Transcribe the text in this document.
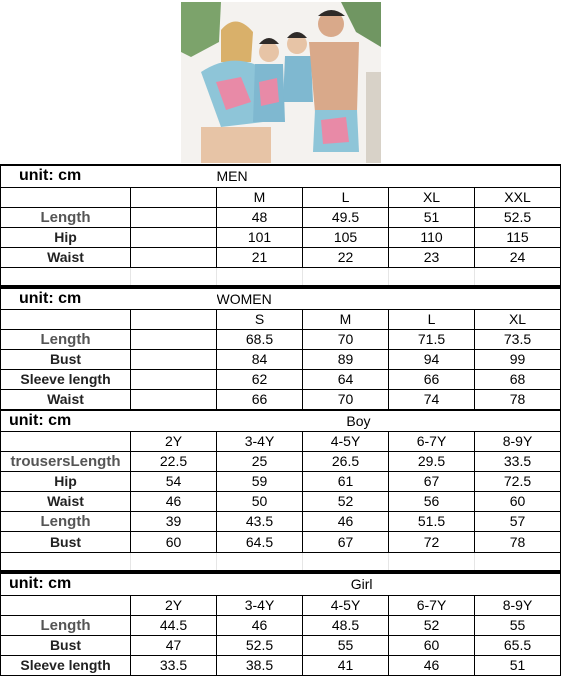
unit: cm		MEN			
		M	L	XL	XXL
Length		48	49.5	51	52.5
Hip		101	105	110	115
Waist		21	22	23	24

unit: cm		WOMEN			
		S	M	L	XL
Length		68.5	70	71.5	73.5
Bust		84	89	94	99
Sleeve length		62	64	66	68
Waist		66	70	74	78
unit: cm		Boy			
	2Y	3-4Y	4-5Y	6-7Y	8-9Y
trousersLength	22.5	25	26.5	29.5	33.5
Hip	54	59	61	67	72.5
Waist	46	50	52	56	60
Length	39	43.5	46	51.5	57
Bust	60	64.5	67	72	78

unit: cm		Girl			
	2Y	3-4Y	4-5Y	6-7Y	8-9Y
Length	44.5	46	48.5	52	55
Bust	47	52.5	55	60	65.5
Sleeve length	33.5	38.5	41	46	51
